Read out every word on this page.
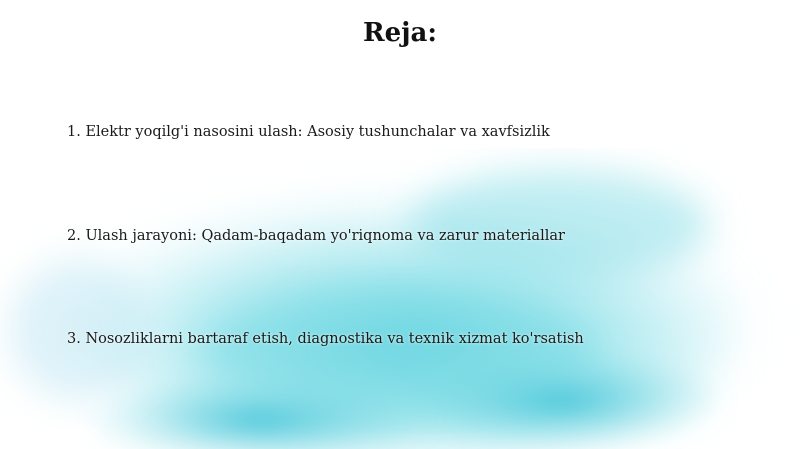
Reja:
1. Elektr yoqilg'i nasosini ulash: Asosiy tushunchalar va xavfsizlik
2. Ulash jarayoni: Qadam-baqadam yo'riqnoma va zarur materiallar
3. Nosozliklarni bartaraf etish, diagnostika va texnik xizmat ko'rsatish
